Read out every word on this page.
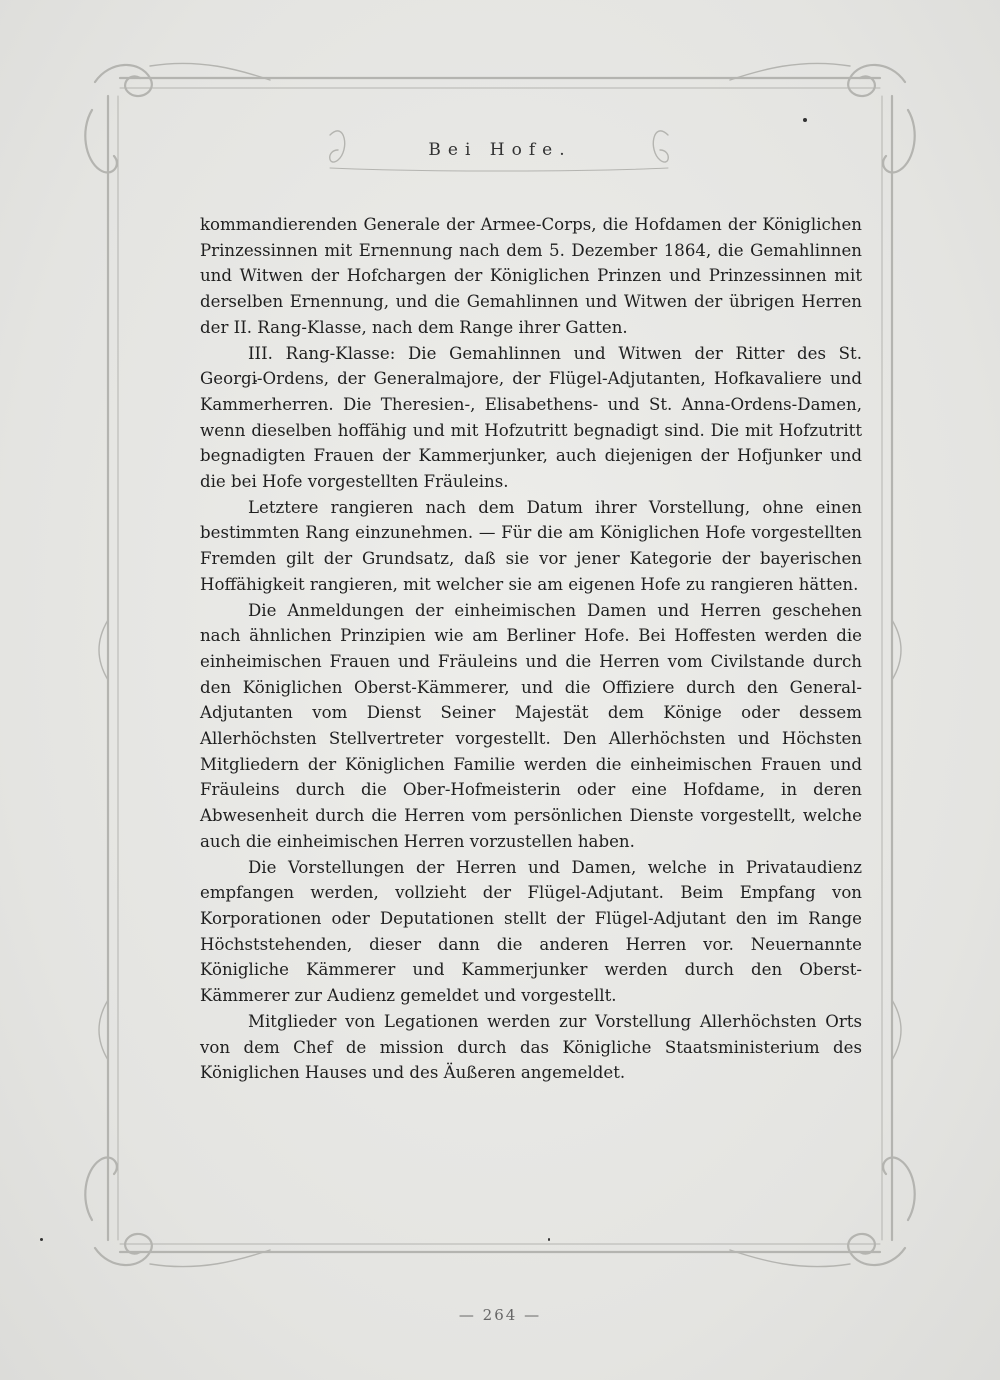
Bei Hofe.

kommandierenden Generale der Armee-Corps, die Hofdamen der Königlichen Prinzessinnen mit Ernennung nach dem 5. Dezember 1864, die Gemahlinnen und Witwen der Hofchargen der Königlichen Prinzen und Prinzessinnen mit derselben Ernennung, und die Gemahlinnen und Witwen der übrigen Herren der II. Rang-Klasse, nach dem Range ihrer Gatten.

III. Rang-Klasse: Die Gemahlinnen und Witwen der Ritter des St. Georgi-Ordens, der Generalmajore, der Flügel-Adjutanten, Hofkavaliere und Kammerherren. Die Theresien-, Elisabethens- und St. Anna-Ordens-Damen, wenn dieselben hoffähig und mit Hofzutritt begnadigt sind. Die mit Hofzutritt begnadigten Frauen der Kammerjunker, auch diejenigen der Hofjunker und die bei Hofe vorgestellten Fräuleins.

Letztere rangieren nach dem Datum ihrer Vorstellung, ohne einen bestimmten Rang einzunehmen. — Für die am Königlichen Hofe vorgestellten Fremden gilt der Grundsatz, daß sie vor jener Kategorie der bayerischen Hoffähigkeit rangieren, mit welcher sie am eigenen Hofe zu rangieren hätten.

Die Anmeldungen der einheimischen Damen und Herren geschehen nach ähnlichen Prinzipien wie am Berliner Hofe. Bei Hoffesten werden die einheimischen Frauen und Fräuleins und die Herren vom Civilstande durch den Königlichen Oberst-Kämmerer, und die Offiziere durch den General-Adjutanten vom Dienst Seiner Majestät dem Könige oder dessem Allerhöchsten Stellvertreter vorgestellt. Den Allerhöchsten und Höchsten Mitgliedern der Königlichen Familie werden die einheimischen Frauen und Fräuleins durch die Ober-Hofmeisterin oder eine Hofdame, in deren Abwesenheit durch die Herren vom persönlichen Dienste vorgestellt, welche auch die einheimischen Herren vorzustellen haben.

Die Vorstellungen der Herren und Damen, welche in Privataudienz empfangen werden, vollzieht der Flügel-Adjutant. Beim Empfang von Korporationen oder Deputationen stellt der Flügel-Adjutant den im Range Höchststehenden, dieser dann die anderen Herren vor. Neuernannte Königliche Kämmerer und Kammerjunker werden durch den Oberst-Kämmerer zur Audienz gemeldet und vorgestellt.

Mitglieder von Legationen werden zur Vorstellung Allerhöchsten Orts von dem Chef de mission durch das Königliche Staatsministerium des Königlichen Hauses und des Äußeren angemeldet.

— 264 —
